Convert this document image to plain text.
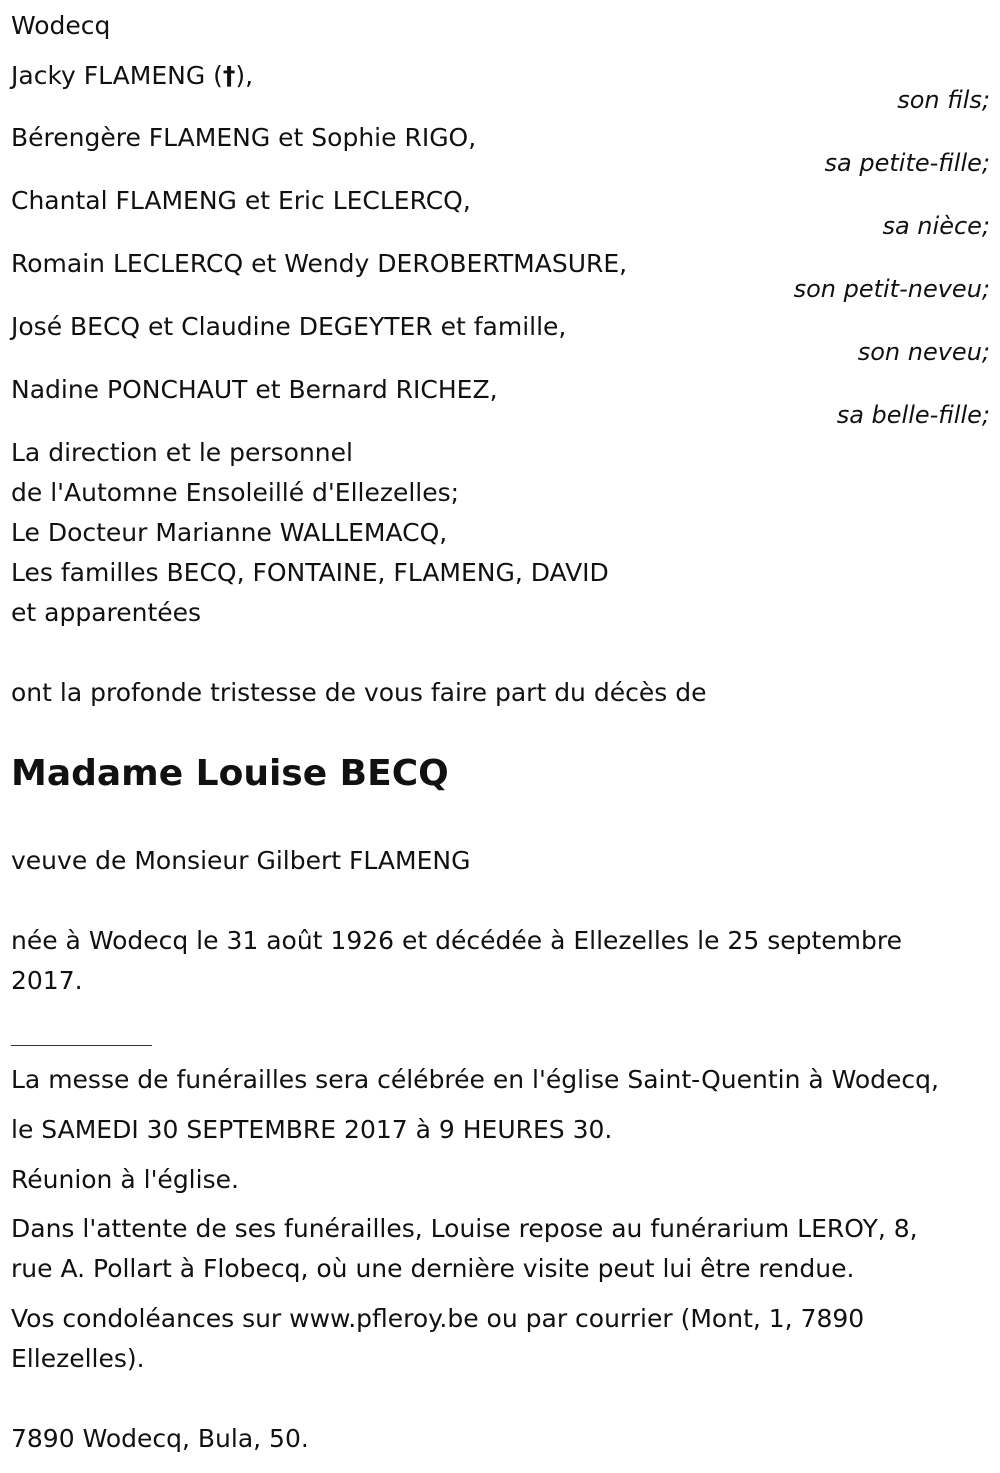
Wodecq
Jacky FLAMENG (†),
son fils;
Bérengère FLAMENG et Sophie RIGO,
sa petite-fille;
Chantal FLAMENG et Eric LECLERCQ,
sa nièce;
Romain LECLERCQ et Wendy DEROBERTMASURE,
son petit-neveu;
José BECQ et Claudine DEGEYTER et famille,
son neveu;
Nadine PONCHAUT et Bernard RICHEZ,
sa belle-fille;
La direction et le personnel
de l'Automne Ensoleillé d'Ellezelles;
Le Docteur Marianne WALLEMACQ,
Les familles BECQ, FONTAINE, FLAMENG, DAVID
et apparentées
ont la profonde tristesse de vous faire part du décès de
Madame Louise BECQ
veuve de Monsieur Gilbert FLAMENG
née à Wodecq le 31 août 1926 et décédée à Ellezelles le 25 septembre
2017.
La messe de funérailles sera célébrée en l'église Saint-Quentin à Wodecq,
le SAMEDI 30 SEPTEMBRE 2017 à 9 HEURES 30.
Réunion à l'église.
Dans l'attente de ses funérailles, Louise repose au funérarium LEROY, 8,
rue A. Pollart à Flobecq, où une dernière visite peut lui être rendue.
Vos condoléances sur www.pfleroy.be ou par courrier (Mont, 1, 7890
Ellezelles).
7890 Wodecq, Bula, 50.
